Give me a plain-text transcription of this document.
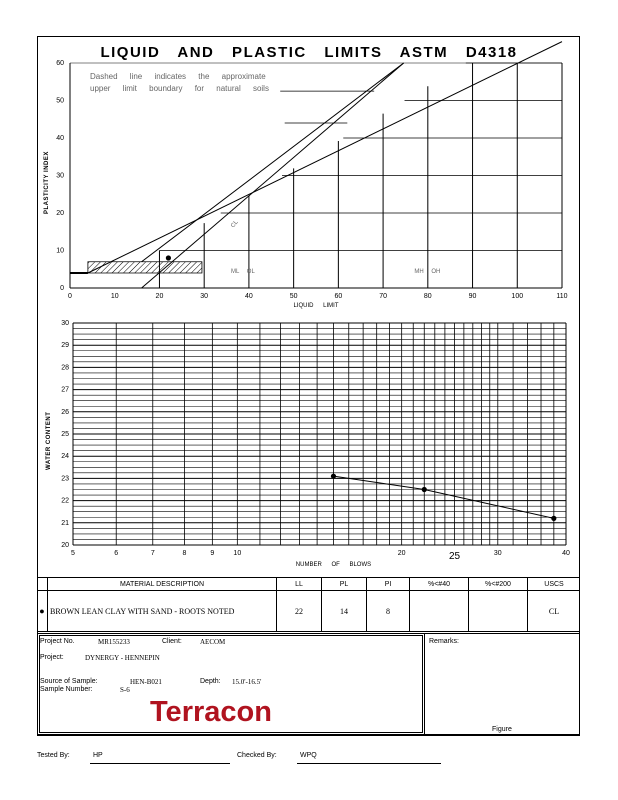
LIQUID AND PLASTIC LIMITS ASTM D4318
0	10	20	30	40	50	60	70	80	90	100	110
0
10
20
30
40
50
60
LIQUID LIMIT
Dashed line indicates the approximate
upper limit boundary for natural soils
CL
ML OL	MH OH
5	6	7	8	9	10	20	25	30	40
20
21
22
23
24
25
26
27
28
29
30
NUMBER OF BLOWS
PLASTICITY INDEX
WATER CONTENT
	MATERIAL DESCRIPTION	LL	PL	PI	%<#40	%<#200	USCS
●	BROWN LEAN CLAY WITH SAND - ROOTS NOTED	22	14	8			CL
Project No.	MR155233	Client:	AECOM
Project:	DYNERGY - HENNEPIN
Source of Sample:	HEN-B021	Depth: 15.0'-16.5'
Sample Number:	S-6
Terracon
Remarks:
Figure
Tested By:	HP	Checked By:	WPQ
